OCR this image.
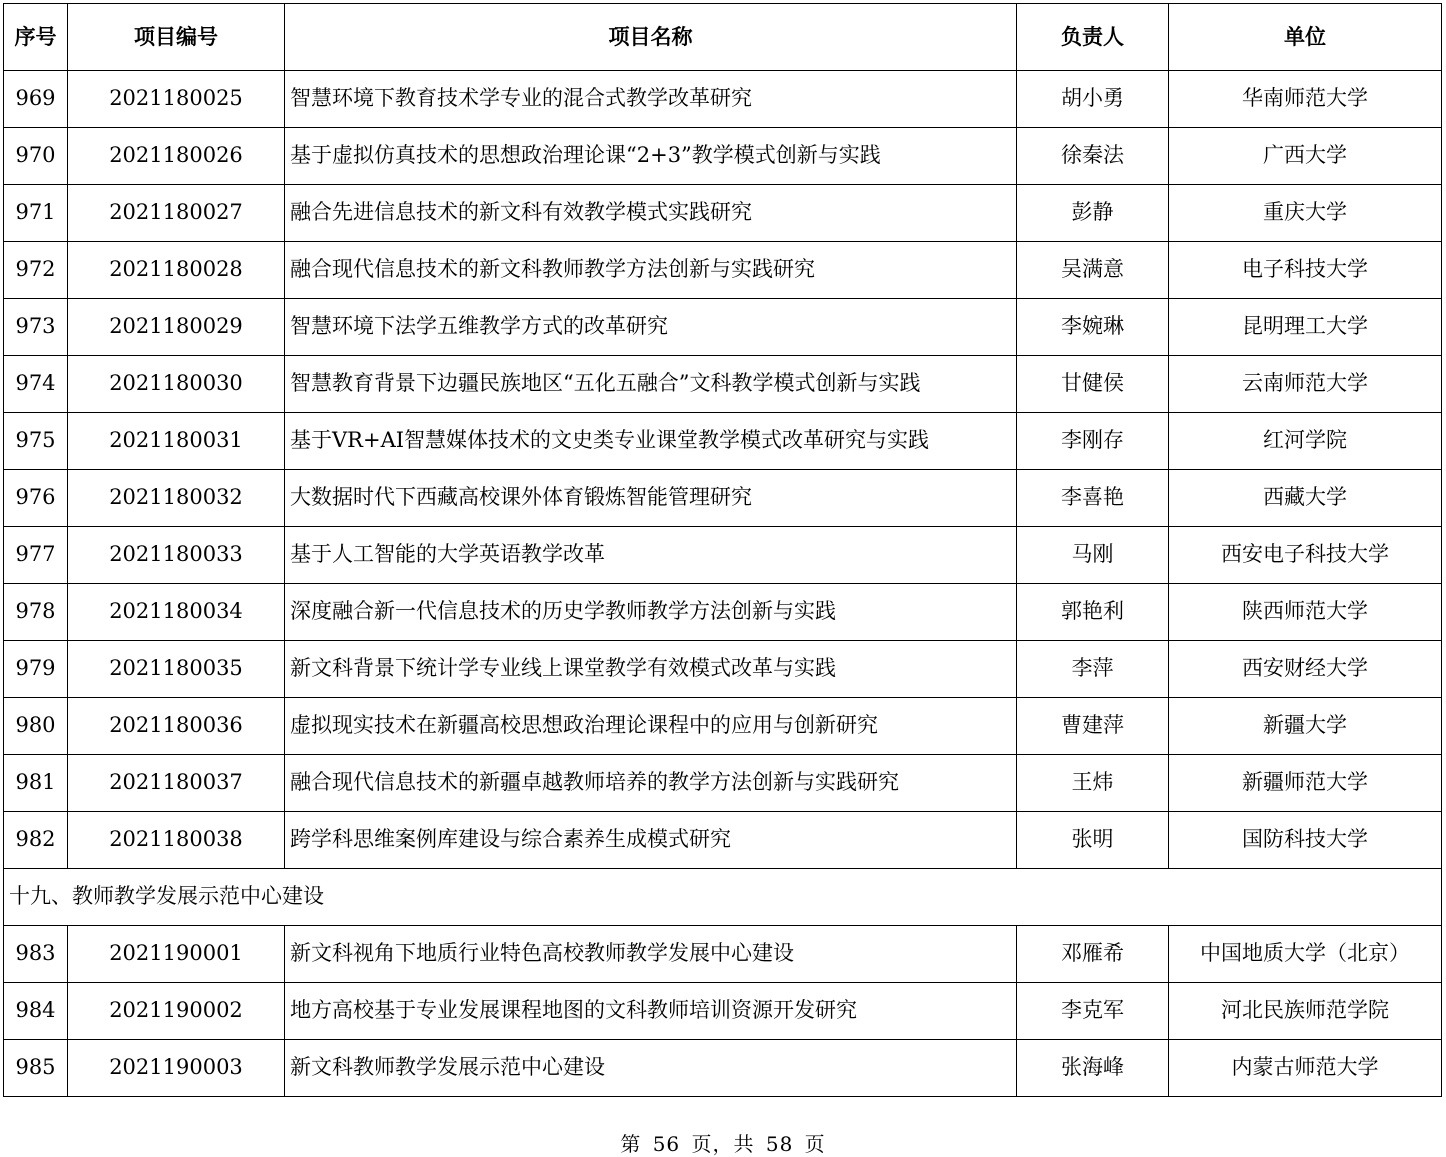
序号	项目编号	项目名称	负责人	单位
969	2021180025	智慧环境下教育技术学专业的混合式教学改革研究	胡小勇	华南师范大学
970	2021180026	基于虚拟仿真技术的思想政治理论课“2+3”教学模式创新与实践	徐秦法	广西大学
971	2021180027	融合先进信息技术的新文科有效教学模式实践研究	彭静	重庆大学
972	2021180028	融合现代信息技术的新文科教师教学方法创新与实践研究	吴满意	电子科技大学
973	2021180029	智慧环境下法学五维教学方式的改革研究	李婉琳	昆明理工大学
974	2021180030	智慧教育背景下边疆民族地区“五化五融合”文科教学模式创新与实践	甘健侯	云南师范大学
975	2021180031	基于VR+AI智慧媒体技术的文史类专业课堂教学模式改革研究与实践	李刚存	红河学院
976	2021180032	大数据时代下西藏高校课外体育锻炼智能管理研究	李喜艳	西藏大学
977	2021180033	基于人工智能的大学英语教学改革	马刚	西安电子科技大学
978	2021180034	深度融合新一代信息技术的历史学教师教学方法创新与实践	郭艳利	陕西师范大学
979	2021180035	新文科背景下统计学专业线上课堂教学有效模式改革与实践	李萍	西安财经大学
980	2021180036	虚拟现实技术在新疆高校思想政治理论课程中的应用与创新研究	曹建萍	新疆大学
981	2021180037	融合现代信息技术的新疆卓越教师培养的教学方法创新与实践研究	王炜	新疆师范大学
982	2021180038	跨学科思维案例库建设与综合素养生成模式研究	张明	国防科技大学
十九、教师教学发展示范中心建设				
983	2021190001	新文科视角下地质行业特色高校教师教学发展中心建设	邓雁希	中国地质大学（北京）
984	2021190002	地方高校基于专业发展课程地图的文科教师培训资源开发研究	李克军	河北民族师范学院
985	2021190003	新文科教师教学发展示范中心建设	张海峰	内蒙古师范大学
第 56 页，共 58 页
